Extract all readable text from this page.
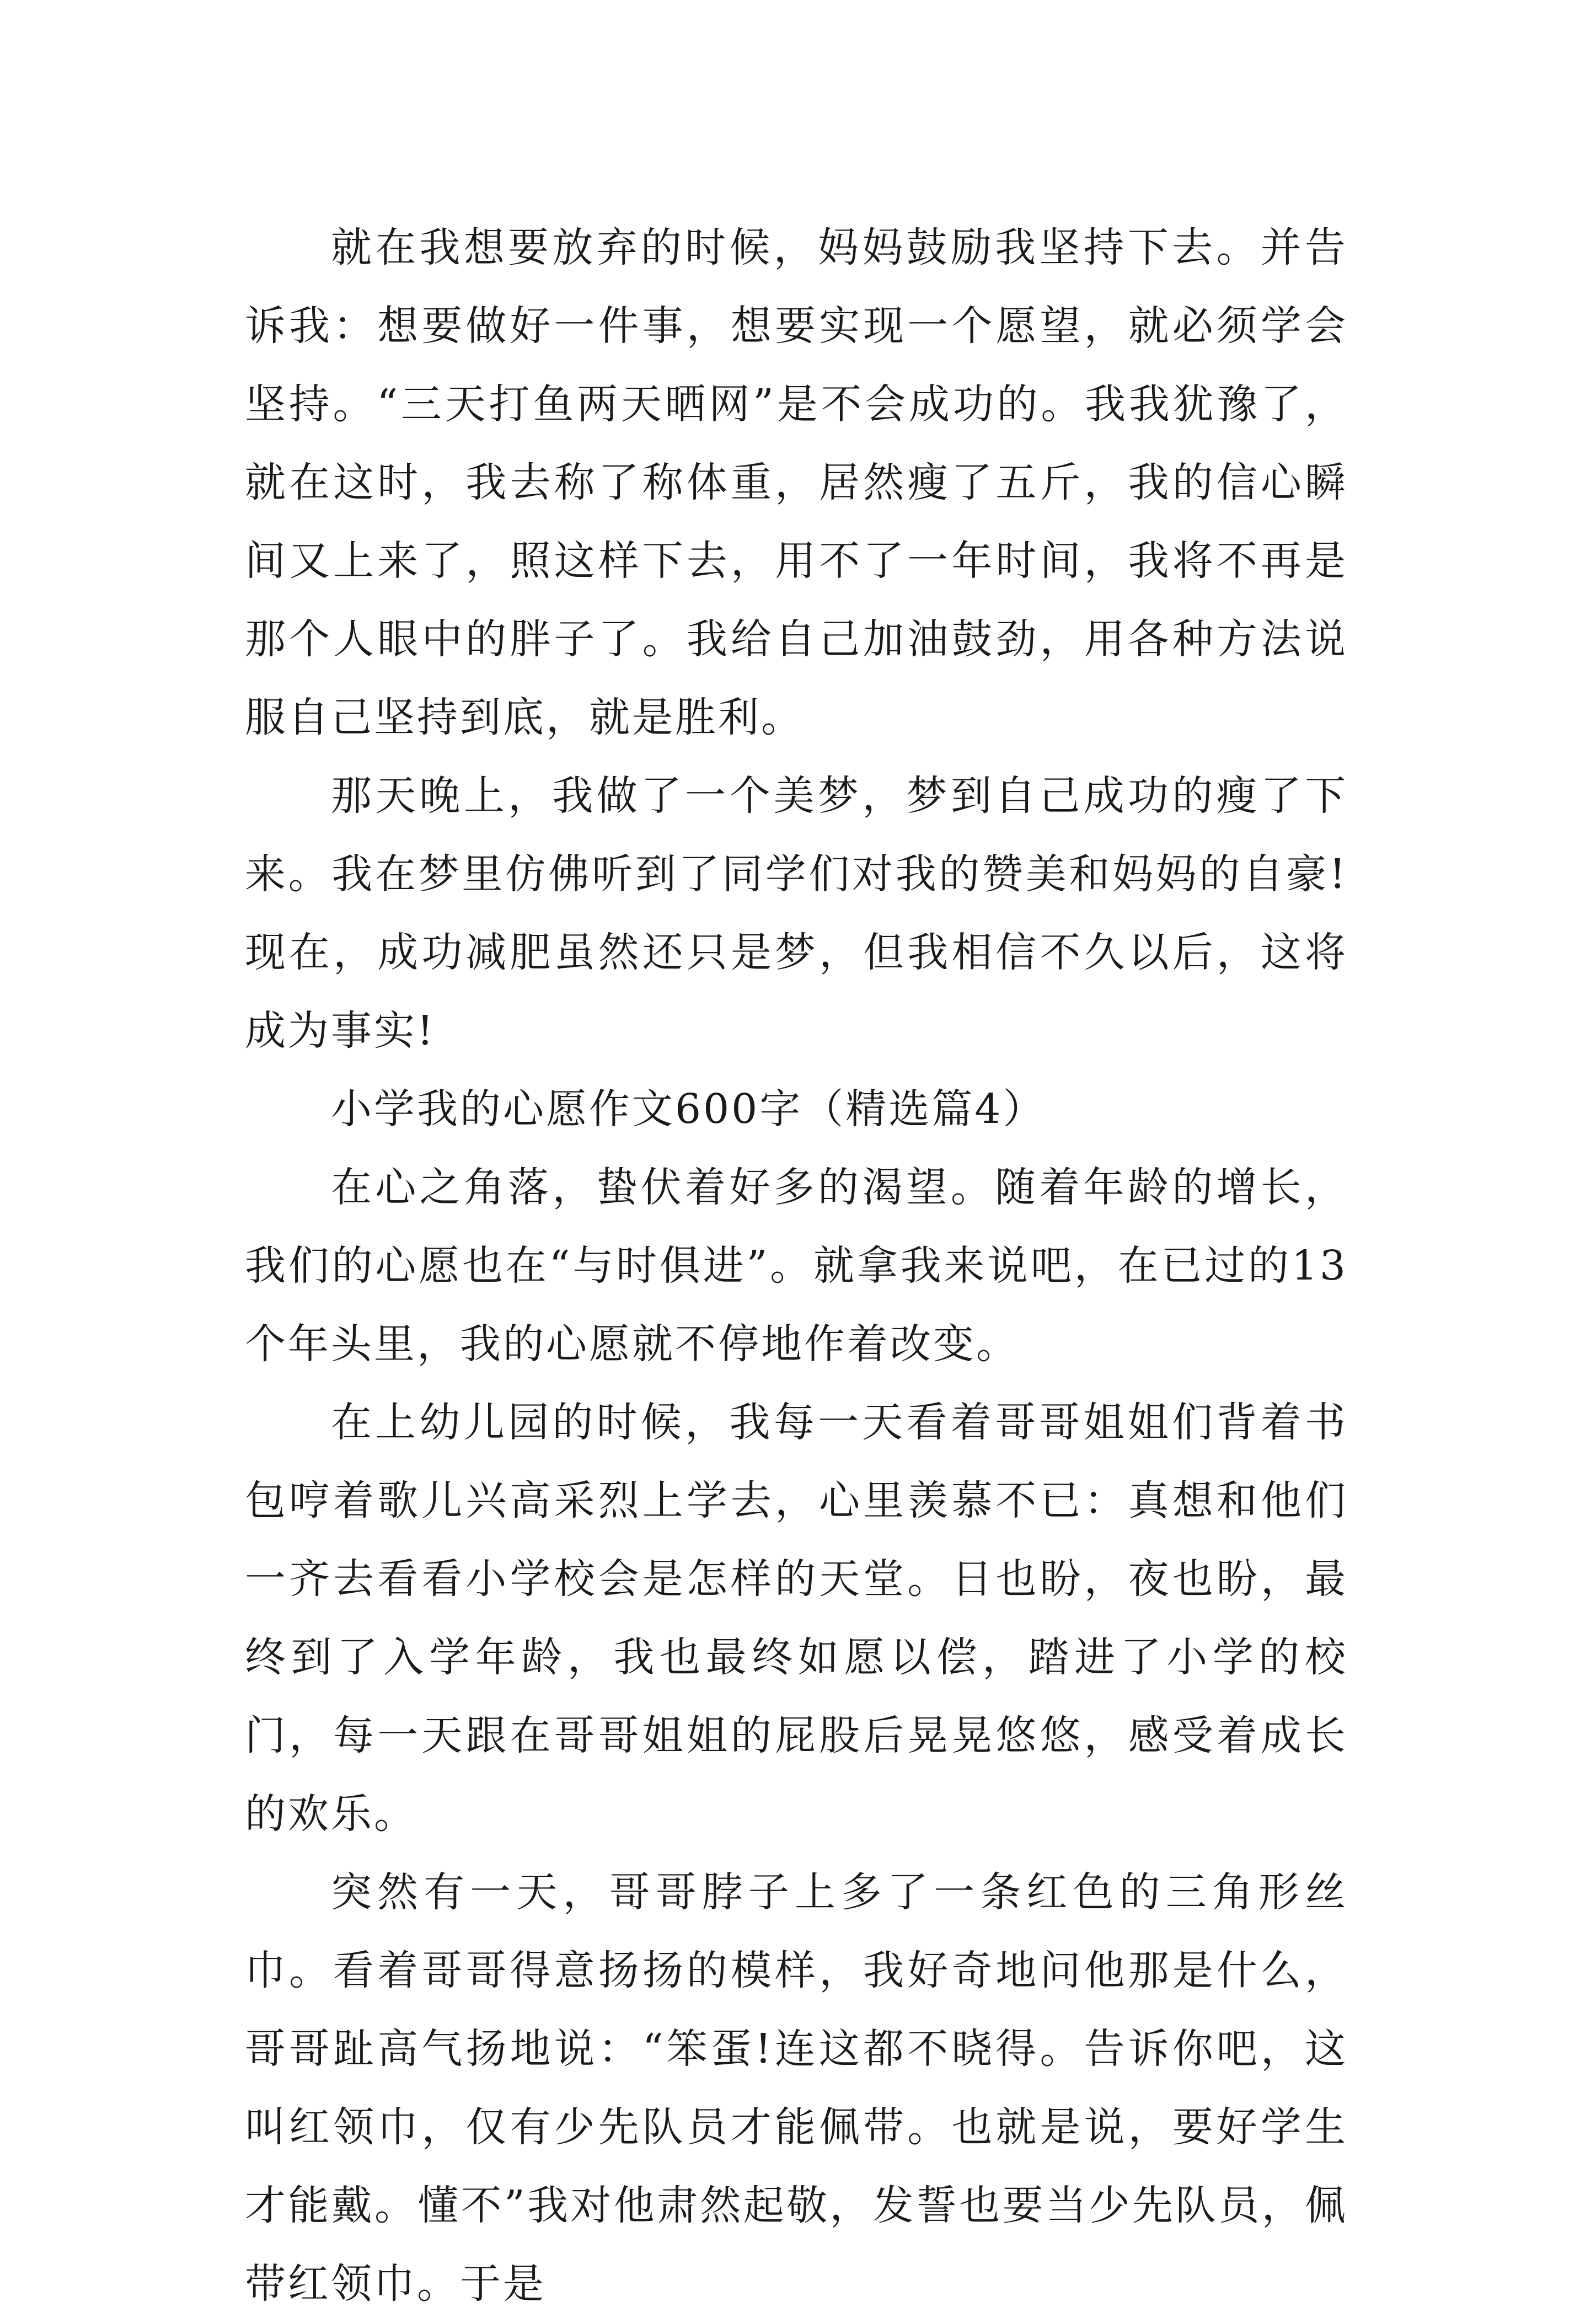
就在我想要放弃的时候，妈妈鼓励我坚持下去。并告诉我：想要做好一件事，想要实现一个愿望，就必须学会坚持。“三天打鱼两天晒网”是不会成功的。我我犹豫了，就在这时，我去称了称体重，居然瘦了五斤，我的信心瞬间又上来了，照这样下去，用不了一年时间，我将不再是那个人眼中的胖子了。我给自己加油鼓劲，用各种方法说服自己坚持到底，就是胜利。

那天晚上，我做了一个美梦，梦到自己成功的瘦了下来。我在梦里仿佛听到了同学们对我的赞美和妈妈的自豪!现在，成功减肥虽然还只是梦，但我相信不久以后，这将成为事实!

小学我的心愿作文600字（精选篇4）

在心之角落，蛰伏着好多的渴望。随着年龄的增长，我们的心愿也在“与时俱进”。就拿我来说吧，在已过的13个年头里，我的心愿就不停地作着改变。

在上幼儿园的时候，我每一天看着哥哥姐姐们背着书包哼着歌儿兴高采烈上学去，心里羡慕不已：真想和他们一齐去看看小学校会是怎样的天堂。日也盼，夜也盼，最终到了入学年龄，我也最终如愿以偿，踏进了小学的校门，每一天跟在哥哥姐姐的屁股后晃晃悠悠，感受着成长的欢乐。

突然有一天，哥哥脖子上多了一条红色的三角形丝巾。看着哥哥得意扬扬的模样，我好奇地问他那是什么，哥哥趾高气扬地说：“笨蛋!连这都不晓得。告诉你吧，这叫红领巾，仅有少先队员才能佩带。也就是说，要好学生才能戴。懂不”我对他肃然起敬，发誓也要当少先队员，佩带红领巾。于是
